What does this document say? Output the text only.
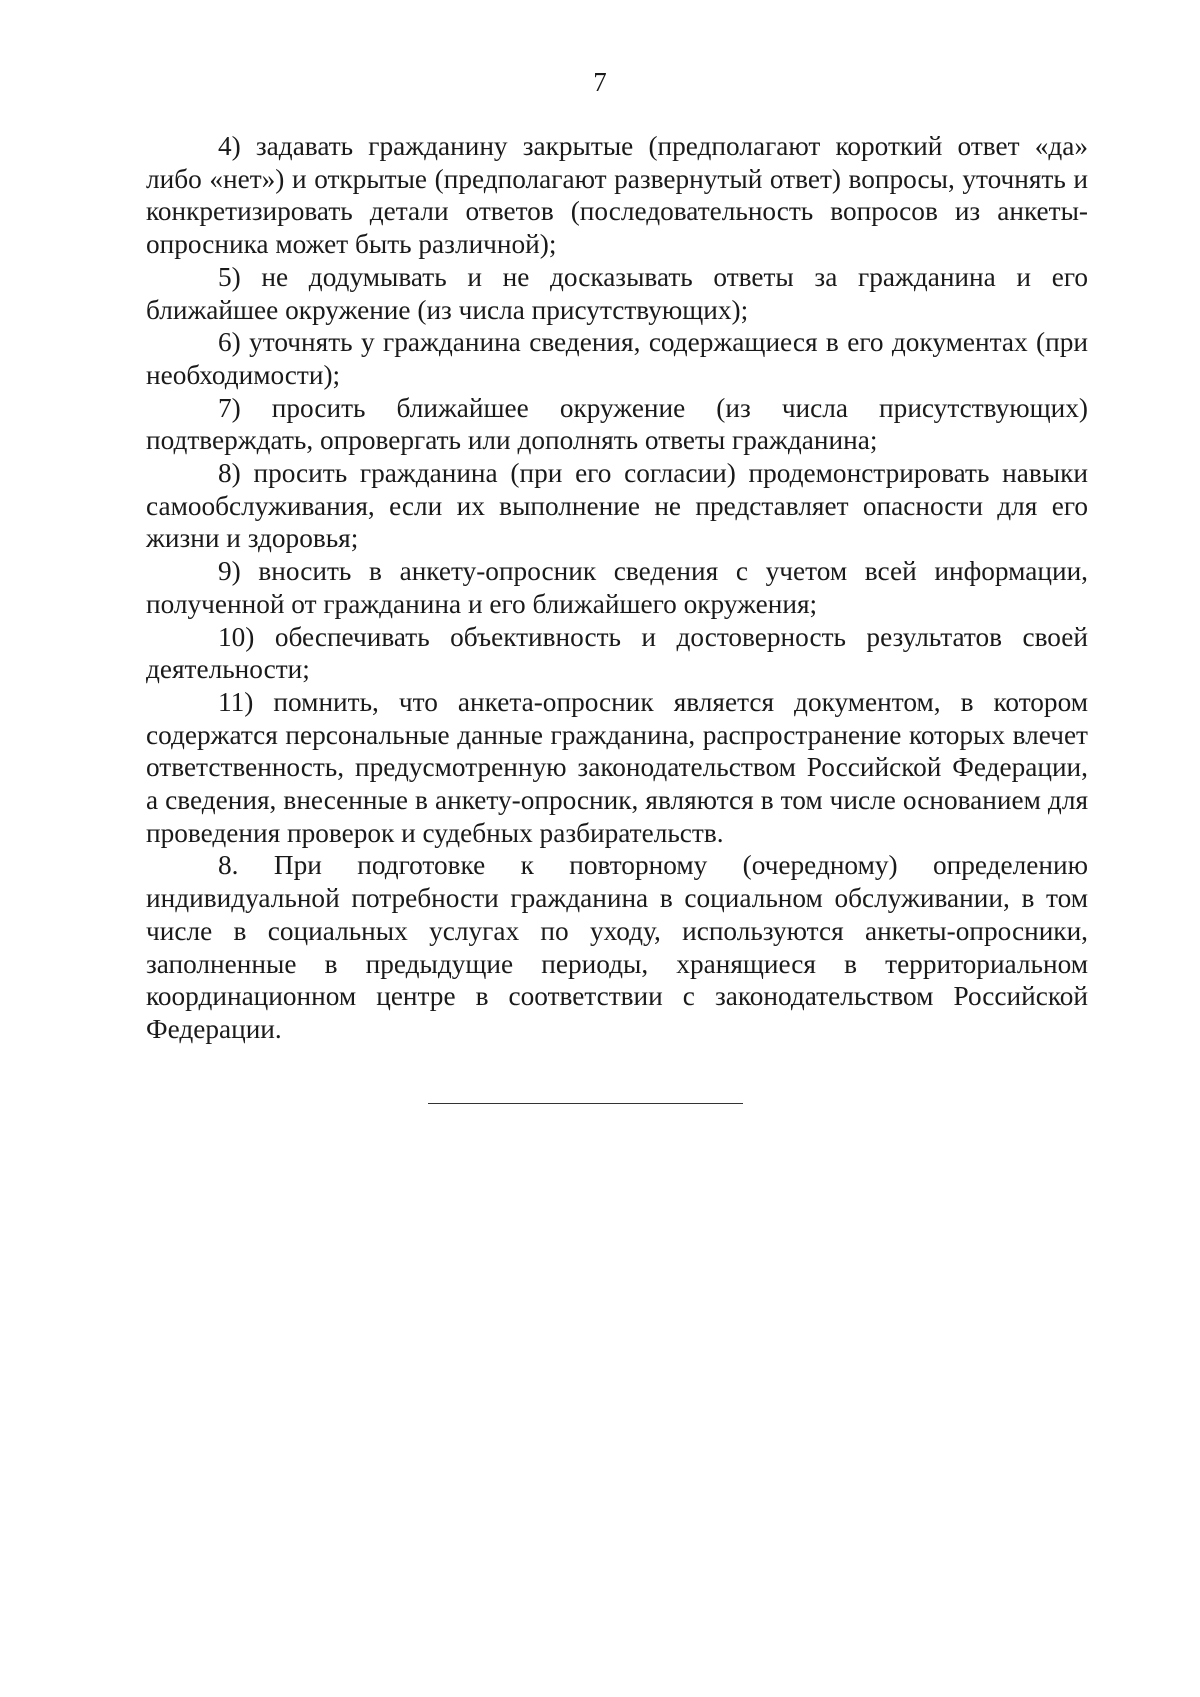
7

4) задавать гражданину закрытые (предполагают короткий ответ «да» либо «нет») и открытые (предполагают развернутый ответ) вопросы, уточнять и конкретизировать детали ответов (последовательность вопросов из анкеты-опросника может быть различной);

5) не додумывать и не досказывать ответы за гражданина и его ближайшее окружение (из числа присутствующих);

6) уточнять у гражданина сведения, содержащиеся в его документах (при необходимости);

7) просить ближайшее окружение (из числа присутствующих) подтверждать, опровергать или дополнять ответы гражданина;

8) просить гражданина (при его согласии) продемонстрировать навыки самообслуживания, если их выполнение не представляет опасности для его жизни и здоровья;

9) вносить в анкету-опросник сведения с учетом всей информации, полученной от гражданина и его ближайшего окружения;

10) обеспечивать объективность и достоверность результатов своей деятельности;

11) помнить, что анкета-опросник является документом, в котором содержатся персональные данные гражданина, распространение которых влечет ответственность, предусмотренную законодательством Российской Федерации, а сведения, внесенные в анкету-опросник, являются в том числе основанием для проведения проверок и судебных разбирательств.

8. При подготовке к повторному (очередному) определению индивидуальной потребности гражданина в социальном обслуживании, в том числе в социальных услугах по уходу, используются анкеты-опросники, заполненные в предыдущие периоды, хранящиеся в территориальном координационном центре в соответствии с законодательством Российской Федерации.
